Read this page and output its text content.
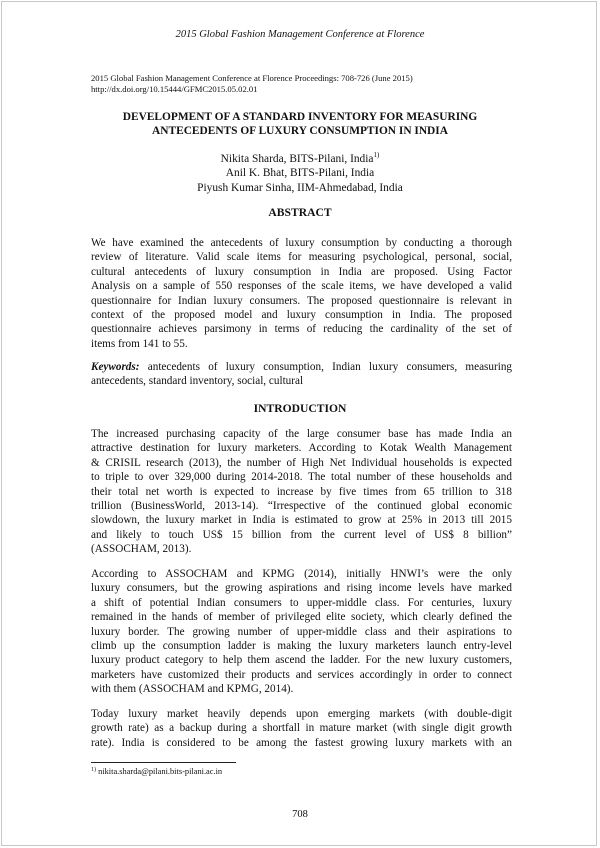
2015 Global Fashion Management Conference at Florence
2015 Global Fashion Management Conference at Florence Proceedings: 708-726 (June 2015)
http://dx.doi.org/10.15444/GFMC2015.05.02.01
DEVELOPMENT OF A STANDARD INVENTORY FOR MEASURING
ANTECEDENTS OF LUXURY CONSUMPTION IN INDIA
Nikita Sharda, BITS-Pilani, India$^{1)}$
Anil K. Bhat, BITS-Pilani, India
Piyush Kumar Sinha, IIM-Ahmedabad, India
ABSTRACT
We have examined the antecedents of luxury consumption by conducting a thorough
review of literature. Valid scale items for measuring psychological, personal, social,
cultural antecedents of luxury consumption in India are proposed. Using Factor
Analysis on a sample of 550 responses of the scale items, we have developed a valid
questionnaire for Indian luxury consumers. The proposed questionnaire is relevant in
context of the proposed model and luxury consumption in India. The proposed
questionnaire achieves parsimony in terms of reducing the cardinality of the set of
items from 141 to 55.
Keywords: antecedents of luxury consumption, Indian luxury consumers, measuring
antecedents, standard inventory, social, cultural
INTRODUCTION
The increased purchasing capacity of the large consumer base has made India an
attractive destination for luxury marketers. According to Kotak Wealth Management
& CRISIL research (2013), the number of High Net Individual households is expected
to triple to over 329,000 during 2014-2018. The total number of these households and
their total net worth is expected to increase by five times from 65 trillion to 318
trillion (BusinessWorld, 2013-14). “Irrespective of the continued global economic
slowdown, the luxury market in India is estimated to grow at 25% in 2013 till 2015
and likely to touch US$ 15 billion from the current level of US$ 8 billion”
(ASSOCHAM, 2013).
According to ASSOCHAM and KPMG (2014), initially HNWI’s were the only
luxury consumers, but the growing aspirations and rising income levels have marked
a shift of potential Indian consumers to upper-middle class. For centuries, luxury
remained in the hands of member of privileged elite society, which clearly defined the
luxury border. The growing number of upper-middle class and their aspirations to
climb up the consumption ladder is making the luxury marketers launch entry-level
luxury product category to help them ascend the ladder. For the new luxury customers,
marketers have customized their products and services accordingly in order to connect
with them (ASSOCHAM and KPMG, 2014).
Today luxury market heavily depends upon emerging markets (with double-digit
growth rate) as a backup during a shortfall in mature market (with single digit growth
rate). India is considered to be among the fastest growing luxury markets with an
$^{1)}$ nikita.sharda@pilani.bits-pilani.ac.in
708
